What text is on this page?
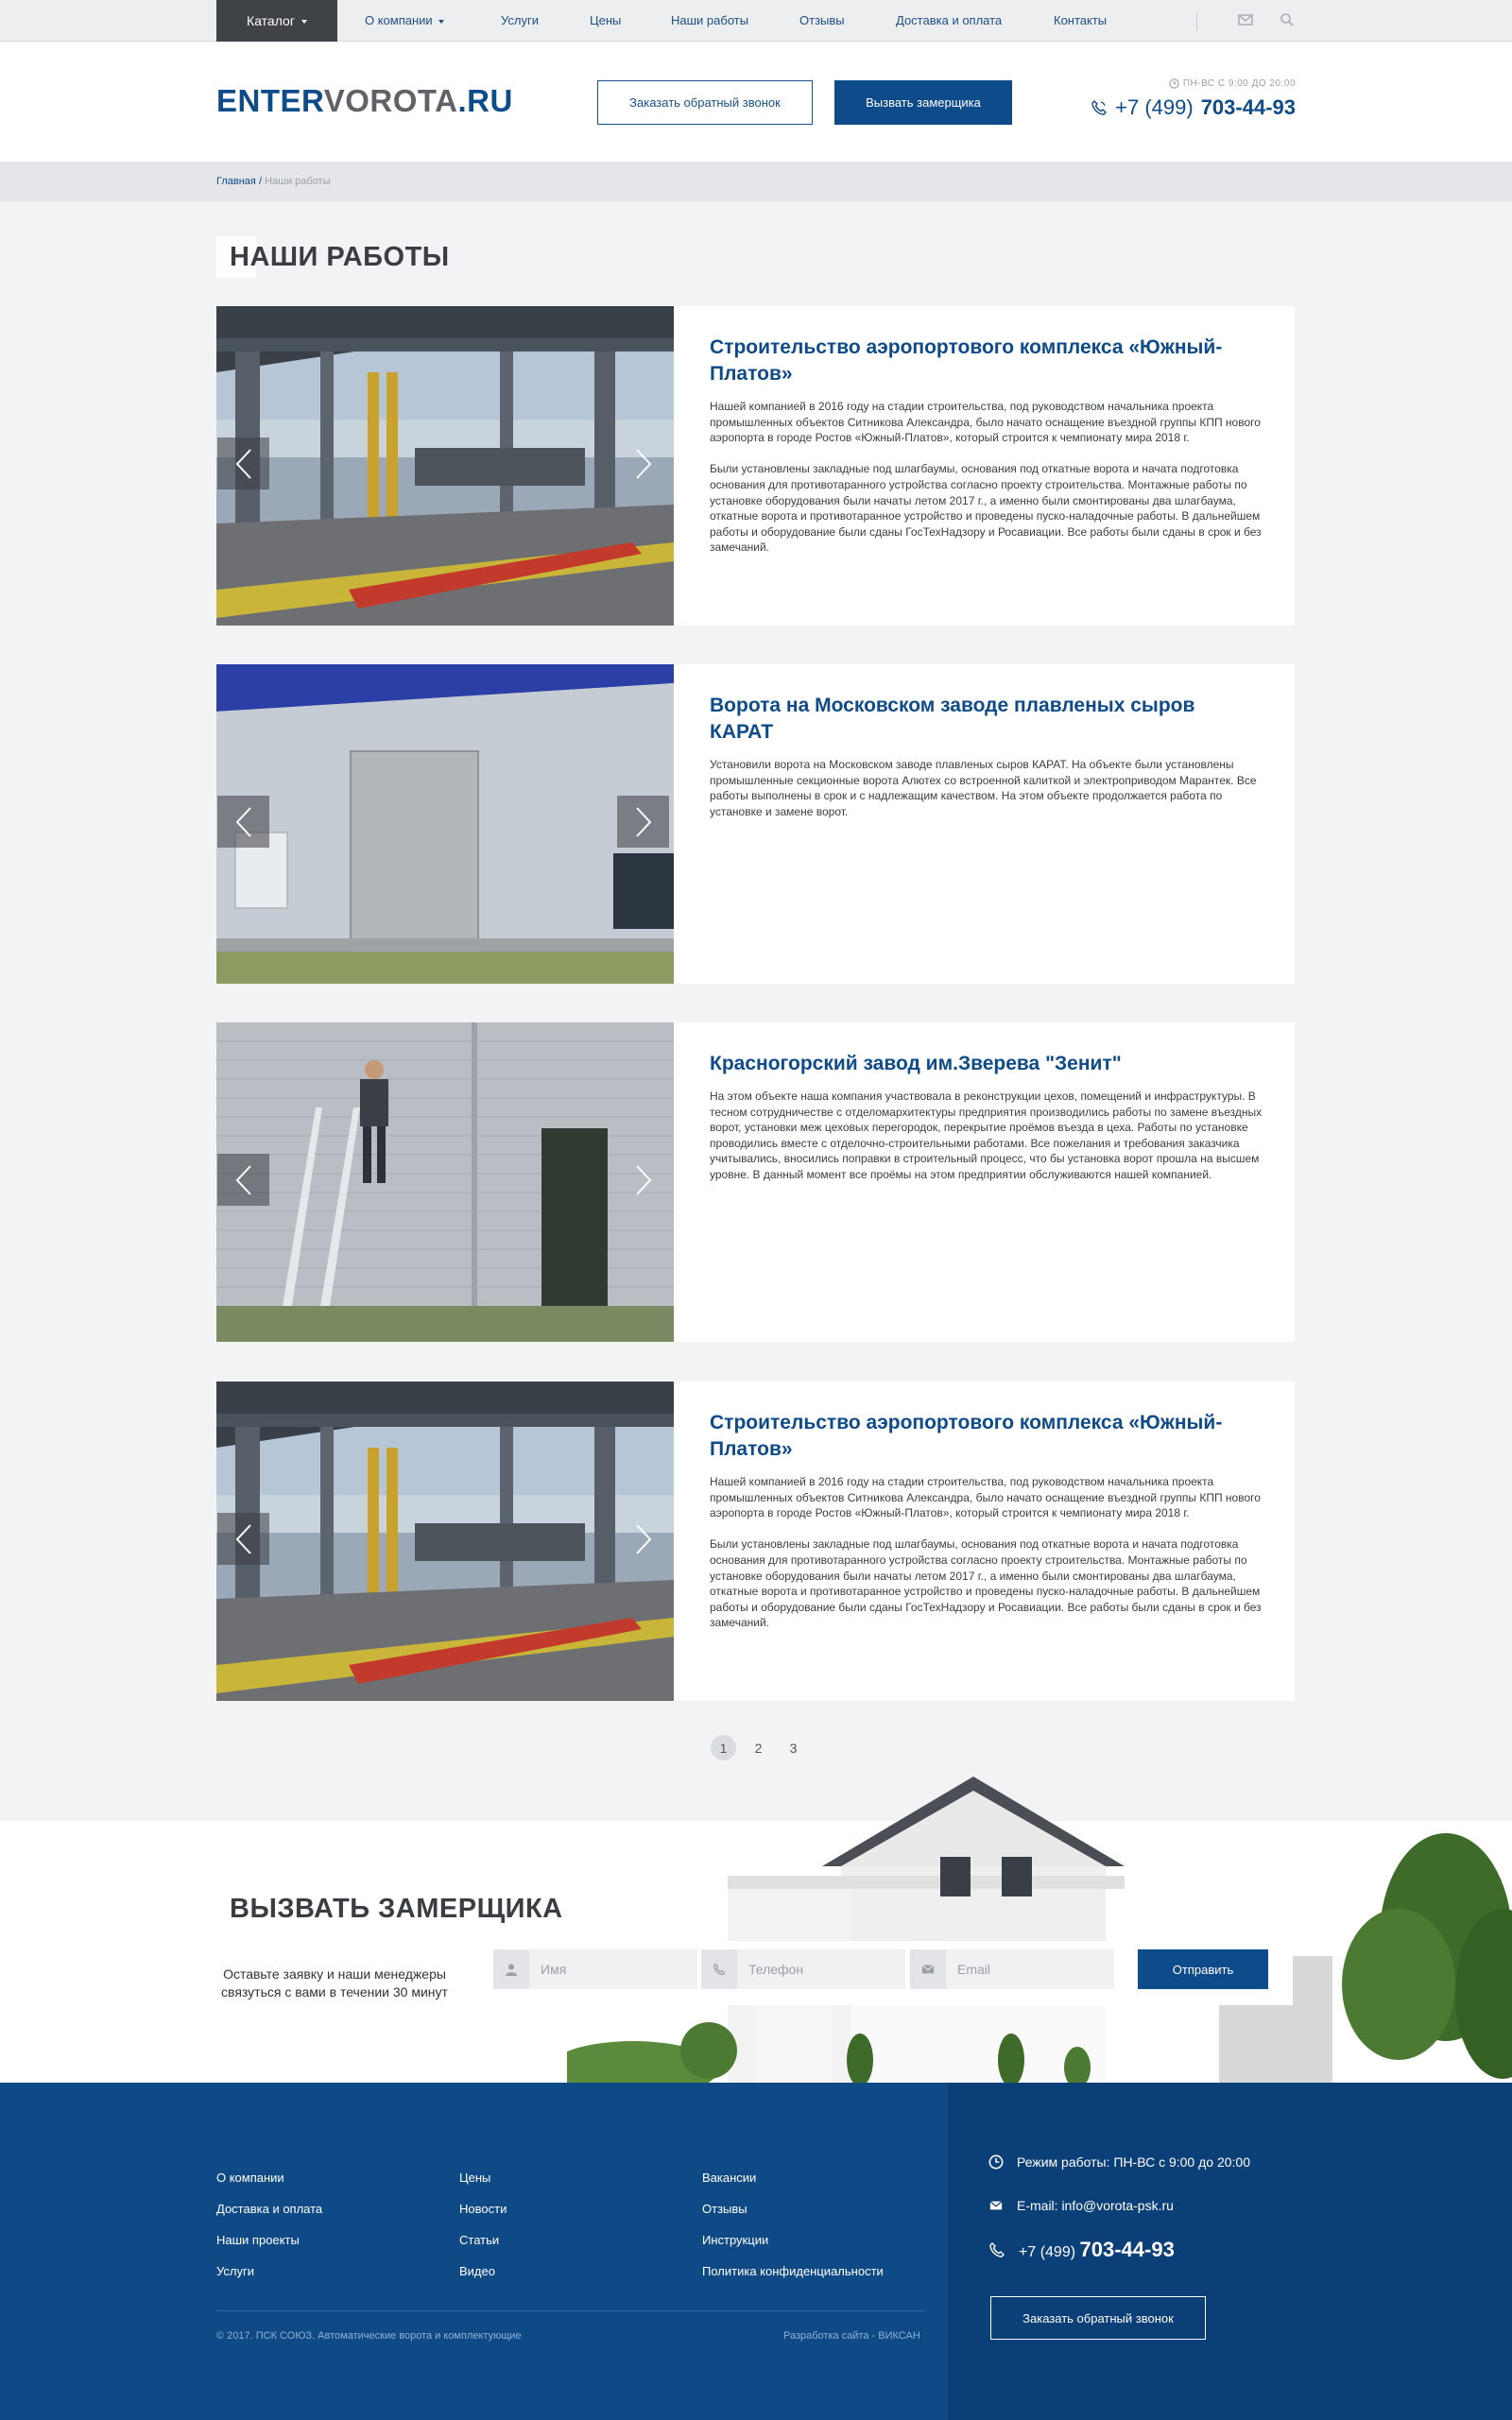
Каталог	О компании	Услуги	Цены	Наши работы	Отзывы	Доставка и оплата	Контакты
ENTERVOROTA.RU	Заказать обратный звонок	Вызвать замерщика
ПН-ВС С 9:00 ДО 20:00
+7 (499) 703-44-93
Главная / Наши работы
НАШИ РАБОТЫ
Строительство аэропортового комплекса «Южный-Платов»

Нашей компанией в 2016 году на стадии строительства, под руководством начальника проекта промышленных объектов Ситникова Александра, было начато оснащение въездной группы КПП нового аэропорта в городе Ростов «Южный-Платов», который строится к чемпионату мира 2018 г.

Были установлены закладные под шлагбаумы, основания под откатные ворота и начата подготовка основания для противотаранного устройства согласно проекту строительства. Монтажные работы по установке оборудования были начаты летом 2017 г., а именно были смонтированы два шлагбаума, откатные ворота и противотаранное устройство и проведены пуско-наладочные работы. В дальнейшем работы и оборудование были сданы ГосТехНадзору и Росавиации. Все работы были сданы в срок и без замечаний.

Ворота на Московском заводе плавленых сыров КАРАТ

Установили ворота на Московском заводе плавленых сыров КАРАТ. На объекте были установлены промышленные секционные ворота Алютех со встроенной калиткой и электроприводом Марантек. Все работы выполнены в срок и с надлежащим качеством. На этом объекте продолжается работа по установке и замене ворот.

Красногорский завод им.Зверева "Зенит"

На этом объекте наша компания участвовала в реконструкции цехов, помещений и инфраструктуры. В тесном сотрудничестве с отделомархитектуры предприятия производились работы по замене въездных ворот, установки меж цеховых перегородок, перекрытие проёмов въезда в цеха. Работы по установке проводились вместе с отделочно-строительными работами. Все пожелания и требования заказчика учитывались, вносились поправки в строительный процесс, что бы установка ворот прошла на высшем уровне. В данный момент все проёмы на этом предприятии обслуживаются нашей компанией.

Строительство аэропортового комплекса «Южный-Платов»

Нашей компанией в 2016 году на стадии строительства, под руководством начальника проекта промышленных объектов Ситникова Александра, было начато оснащение въездной группы КПП нового аэропорта в городе Ростов «Южный-Платов», который строится к чемпионату мира 2018 г.

Были установлены закладные под шлагбаумы, основания под откатные ворота и начата подготовка основания для противотаранного устройства согласно проекту строительства. Монтажные работы по установке оборудования были начаты летом 2017 г., а именно были смонтированы два шлагбаума, откатные ворота и противотаранное устройство и проведены пуско-наладочные работы. В дальнейшем работы и оборудование были сданы ГосТехНадзору и Росавиации. Все работы были сданы в срок и без замечаний.

1	2	3
ВЫЗВАТЬ ЗАМЕРЩИКА
Оставьте заявку и наши менеджеры связуться с вами в течении 30 минут
Имя	Телефон	Email	Отправить
О компании
Доставка и оплата
Наши проекты
Услуги
Цены
Новости
Статьи
Видео
Вакансии
Отзывы
Инструкции
Политика конфиденциальности
© 2017. ПСК СОЮЗ. Автоматические ворота и комплектующие	Разработка сайта - ВИКСАН
Режим работы: ПН-ВС с 9:00 до 20:00
E-mail: info@vorota-psk.ru
+7 (499) 703-44-93
Заказать обратный звонок
